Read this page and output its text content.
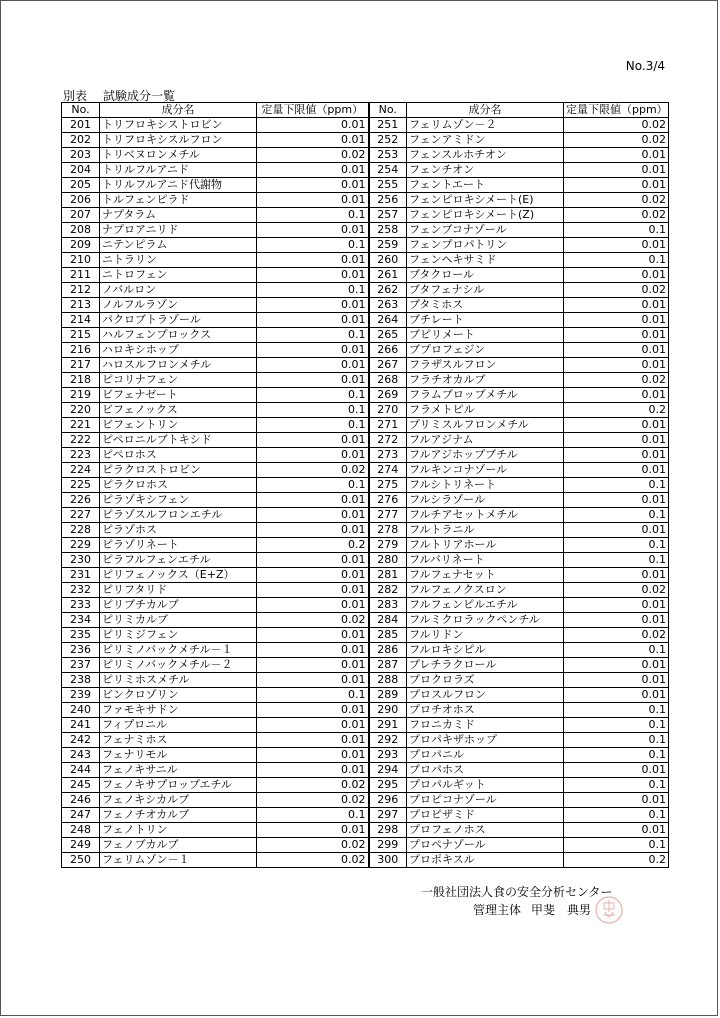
No.3/4
別表 試験成分一覧
No.	成分名	定量下限値（ppm）	No.	成分名	定量下限値（ppm）
201	トリフロキシストロビン	0.01	251	フェリムゾン－２	0.02
202	トリフロキシスルフロン	0.01	252	フェンアミドン	0.02
203	トリベヌロンメチル	0.02	253	フェンスルホチオン	0.01
204	トリルフルアニド	0.01	254	フェンチオン	0.01
205	トリルフルアニド代謝物	0.01	255	フェントエート	0.01
206	トルフェンピラド	0.01	256	フェンピロキシメート(E)	0.02
207	ナプタラム	0.1	257	フェンピロキシメート(Z)	0.02
208	ナプロアニリド	0.01	258	フェンブコナゾール	0.1
209	ニテンピラム	0.1	259	フェンプロパトリン	0.01
210	ニトラリン	0.01	260	フェンヘキサミド	0.1
211	ニトロフェン	0.01	261	ブタクロール	0.01
212	ノバルロン	0.1	262	ブタフェナシル	0.02
213	ノルフルラゾン	0.01	263	ブタミホス	0.01
214	パクロブトラゾール	0.01	264	ブチレート	0.01
215	ハルフェンプロックス	0.1	265	ブピリメート	0.01
216	ハロキシホップ	0.01	266	ブプロフェジン	0.01
217	ハロスルフロンメチル	0.01	267	フラザスルフロン	0.01
218	ピコリナフェン	0.01	268	フラチオカルブ	0.02
219	ビフェナゼート	0.1	269	フラムプロップメチル	0.01
220	ビフェノックス	0.1	270	フラメトピル	0.2
221	ビフェントリン	0.1	271	プリミスルフロンメチル	0.01
222	ピペロニルブトキシド	0.01	272	フルアジナム	0.01
223	ピペロホス	0.01	273	フルアジホップブチル	0.01
224	ピラクロストロビン	0.02	274	フルキンコナゾール	0.01
225	ピラクロホス	0.1	275	フルシトリネート	0.1
226	ピラゾキシフェン	0.01	276	フルシラゾール	0.01
227	ピラゾスルフロンエチル	0.01	277	フルチアセットメチル	0.1
228	ピラゾホス	0.01	278	フルトラニル	0.01
229	ピラゾリネート	0.2	279	フルトリアホール	0.1
230	ピラフルフェンエチル	0.01	280	フルバリネート	0.1
231	ピリフェノックス（E+Z）	0.01	281	フルフェナセット	0.01
232	ピリフタリド	0.01	282	フルフェノクスロン	0.02
233	ピリブチカルブ	0.01	283	フルフェンピルエチル	0.01
234	ピリミカルブ	0.02	284	フルミクロラックペンチル	0.01
235	ピリミジフェン	0.01	285	フルリドン	0.02
236	ピリミノバックメチル－１	0.01	286	フルロキシピル	0.1
237	ピリミノバックメチル－２	0.01	287	プレチラクロール	0.01
238	ピリミホスメチル	0.01	288	プロクロラズ	0.01
239	ビンクロゾリン	0.1	289	プロスルフロン	0.01
240	ファモキサドン	0.01	290	プロチオホス	0.1
241	フィプロニル	0.01	291	フロニカミド	0.1
242	フェナミホス	0.01	292	プロパキザホップ	0.1
243	フェナリモル	0.01	293	プロパニル	0.1
244	フェノキサニル	0.01	294	プロパホス	0.01
245	フェノキサプロップエチル	0.02	295	プロパルギット	0.1
246	フェノキシカルブ	0.02	296	プロピコナゾール	0.01
247	フェノチオカルブ	0.1	297	プロピザミド	0.1
248	フェノトリン	0.01	298	プロフェノホス	0.01
249	フェノブカルブ	0.02	299	プロペナゾール	0.1
250	フェリムゾン－１	0.02	300	プロポキスル	0.2
一般社団法人食の安全分析センター
管理主体 甲斐　典男
